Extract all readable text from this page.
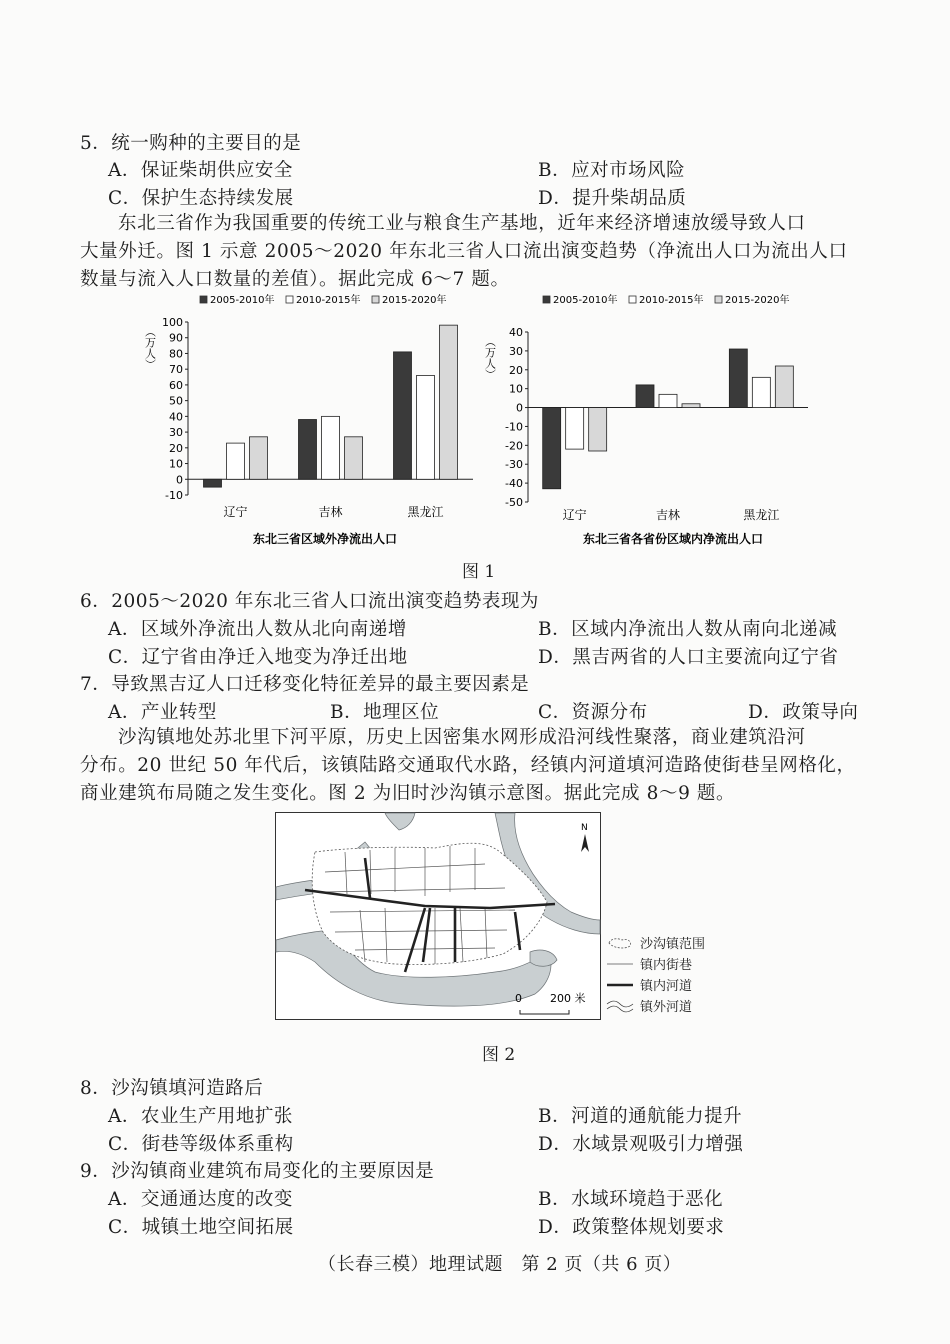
5．统一购种的主要目的是
A．保证柴胡供应安全	B．应对市场风险
C．保护生态持续发展	D．提升柴胡品质

东北三省作为我国重要的传统工业与粮食生产基地，近年来经济增速放缓导致人口

大量外迁。图 1 示意 2005～2020 年东北三省人口流出演变趋势（净流出人口为流出人口

数量与流入人口数量的差值）。据此完成 6～7 题。

2005-2010年 2010-2015年 2015-2020年
（万人）
-10
0
10
20
30
40
50
60
70
80
90
100
辽宁	吉林	黑龙江
东北三省区域外净流出人口
2005-2010年 2010-2015年 2015-2020年
（万人）
-50
-40
-30
-20
-10
0
10
20
30
40
辽宁	吉林	黑龙江
东北三省各省份区域内净流出人口
图 1
6．2005～2020 年东北三省人口流出演变趋势表现为
A．区域外净流出人数从北向南递增	B．区域内净流出人数从南向北递减
C．辽宁省由净迁入地变为净迁出地	D．黑吉两省的人口主要流向辽宁省
7．导致黑吉辽人口迁移变化特征差异的最主要因素是
A．产业转型	B．地理区位	C．资源分布	D．政策导向

沙沟镇地处苏北里下河平原，历史上因密集水网形成沿河线性聚落，商业建筑沿河

分布。20 世纪 50 年代后，该镇陆路交通取代水路，经镇内河道填河造路使街巷呈网格化，

商业建筑布局随之发生变化。图 2 为旧时沙沟镇示意图。据此完成 8～9 题。

N
0	200 米
沙沟镇范围
镇内街巷
镇内河道
镇外河道
图 2
8．沙沟镇填河造路后
A．农业生产用地扩张	B．河道的通航能力提升
C．街巷等级体系重构	D．水域景观吸引力增强
9．沙沟镇商业建筑布局变化的主要原因是
A．交通通达度的改变	B．水域环境趋于恶化
C．城镇土地空间拓展	D．政策整体规划要求
（长春三模）地理试题　第 2 页（共 6 页）
